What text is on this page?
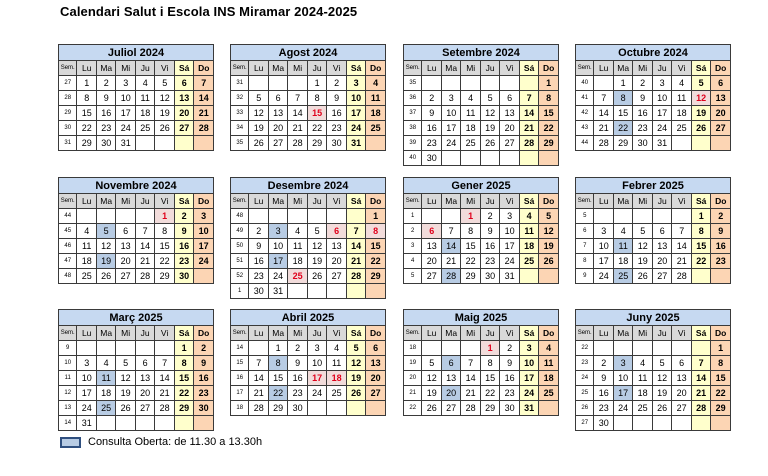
Calendari Salut i Escola INS Miramar 2024-2025
Juliol 2024							
Sem.	Lu	Ma	Mi	Ju	Vi	Sá	Do
27	1	2	3	4	5	6	7
28	8	9	10	11	12	13	14
29	15	16	17	18	19	20	21
30	22	23	24	25	26	27	28
31	29	30	31				
Agost 2024							
Sem.	Lu	Ma	Mi	Ju	Vi	Sá	Do
31				1	2	3	4
32	5	6	7	8	9	10	11
33	12	13	14	15	16	17	18
34	19	20	21	22	23	24	25
35	26	27	28	29	30	31	
Setembre 2024							
Sem.	Lu	Ma	Mi	Ju	Vi	Sá	Do
35							1
36	2	3	4	5	6	7	8
37	9	10	11	12	13	14	15
38	16	17	18	19	20	21	22
39	23	24	25	26	27	28	29
40	30						
Octubre 2024							
Sem.	Lu	Ma	Mi	Ju	Vi	Sá	Do
40		1	2	3	4	5	6
41	7	8	9	10	11	12	13
42	14	15	16	17	18	19	20
43	21	22	23	24	25	26	27
44	28	29	30	31			
Novembre 2024							
Sem.	Lu	Ma	Mi	Ju	Vi	Sá	Do
44					1	2	3
45	4	5	6	7	8	9	10
46	11	12	13	14	15	16	17
47	18	19	20	21	22	23	24
48	25	26	27	28	29	30	
Desembre 2024							
Sem.	Lu	Ma	Mi	Ju	Vi	Sá	Do
48							1
49	2	3	4	5	6	7	8
50	9	10	11	12	13	14	15
51	16	17	18	19	20	21	22
52	23	24	25	26	27	28	29
1	30	31					
Gener 2025							
Sem.	Lu	Ma	Mi	Ju	Vi	Sá	Do
1			1	2	3	4	5
2	6	7	8	9	10	11	12
3	13	14	15	16	17	18	19
4	20	21	22	23	24	25	26
5	27	28	29	30	31		
Febrer 2025							
Sem.	Lu	Ma	Mi	Ju	Vi	Sá	Do
5						1	2
6	3	4	5	6	7	8	9
7	10	11	12	13	14	15	16
8	17	18	19	20	21	22	23
9	24	25	26	27	28		
Març 2025							
Sem.	Lu	Ma	Mi	Ju	Vi	Sá	Do
9						1	2
10	3	4	5	6	7	8	9
11	10	11	12	13	14	15	16
12	17	18	19	20	21	22	23
13	24	25	26	27	28	29	30
14	31						
Abril 2025							
Sem.	Lu	Ma	Mi	Ju	Vi	Sá	Do
14		1	2	3	4	5	6
15	7	8	9	10	11	12	13
16	14	15	16	17	18	19	20
17	21	22	23	24	25	26	27
18	28	29	30				
Maig 2025							
Sem.	Lu	Ma	Mi	Ju	Vi	Sá	Do
18				1	2	3	4
19	5	6	7	8	9	10	11
20	12	13	14	15	16	17	18
21	19	20	21	22	23	24	25
22	26	27	28	29	30	31	
Juny 2025							
Sem.	Lu	Ma	Mi	Ju	Vi	Sá	Do
22							1
23	2	3	4	5	6	7	8
24	9	10	11	12	13	14	15
25	16	17	18	19	20	21	22
26	23	24	25	26	27	28	29
27	30						
Consulta Oberta: de 11.30 a 13.30h
